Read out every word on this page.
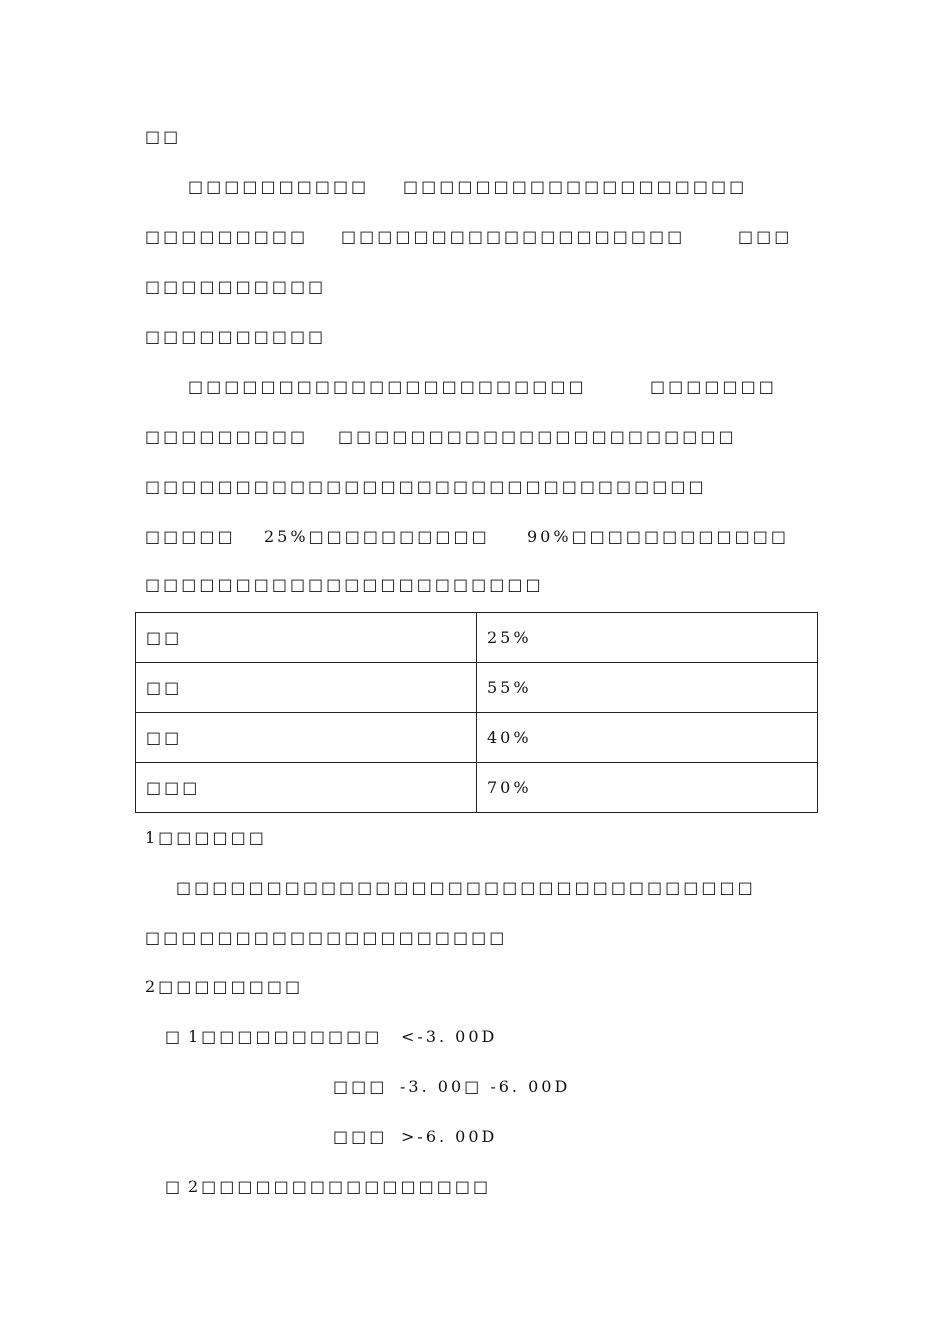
□□
□□□□□□□□□□ □□□□□□□□□□□□□□□□□□□
□□□□□□□□□ □□□□□□□□□□□□□□□□□□□	□□□
□□□□□□□□□□
□□□□□□□□□□
□□□□□□□□□□□□□□□□□□□□□□	□□□□□□□
□□□□□□□□□ □□□□□□□□□□□□□□□□□□□□□□
□□□□□□□□□□□□□□□□□□□□□□□□□□□□□□□
□□□□□ 25%□□□□□□□□□□ 90%□□□□□□□□□□□□
□□□□□□□□□□□□□□□□□□□□□□
□□	25%
□□	55%
□□	40%
□□□	70%
1□□□□□□
□□□□□□□□□□□□□□□□□□□□□□□□□□□□□□□□
□□□□□□□□□□□□□□□□□□□□
2□□□□□□□□
□ 1□□□□□□□□□□ <-3. 00D
□□□ -3. 00□ -6. 00D
□□□ >-6. 00D
□ 2□□□□□□□□□□□□□□□□
